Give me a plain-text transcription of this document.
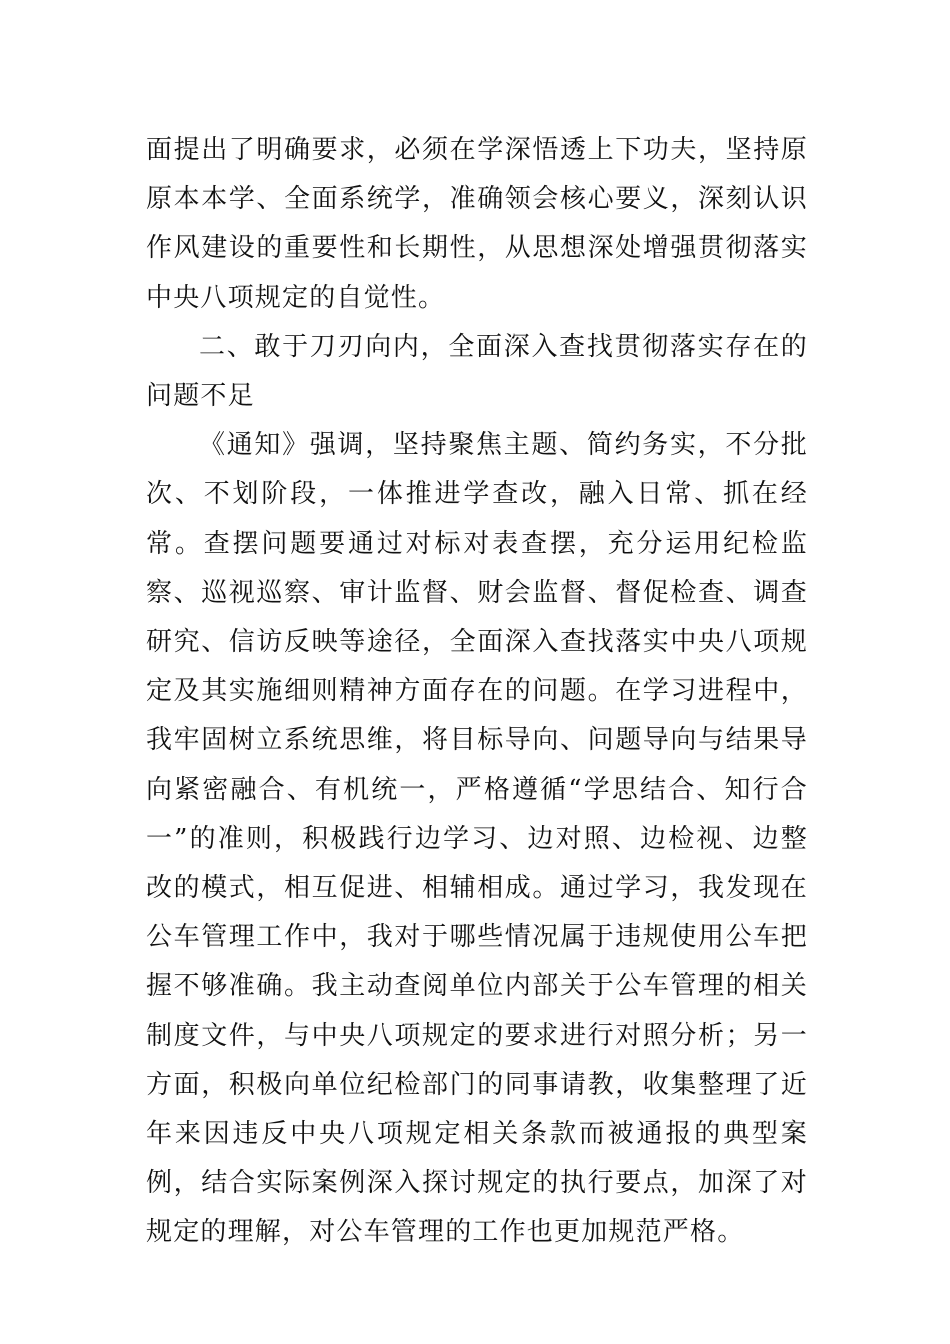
面提出了明确要求，必须在学深悟透上下功夫，坚持原原本本学、全面系统学，准确领会核心要义，深刻认识作风建设的重要性和长期性，从思想深处增强贯彻落实中央八项规定的自觉性。

二、敢于刀刃向内，全面深入查找贯彻落实存在的问题不足

《通知》强调，坚持聚焦主题、简约务实，不分批次、不划阶段，一体推进学查改，融入日常、抓在经常。查摆问题要通过对标对表查摆，充分运用纪检监察、巡视巡察、审计监督、财会监督、督促检查、调查研究、信访反映等途径，全面深入查找落实中央八项规定及其实施细则精神方面存在的问题。在学习进程中，我牢固树立系统思维，将目标导向、问题导向与结果导向紧密融合、有机统一，严格遵循“学思结合、知行合一”的准则，积极践行边学习、边对照、边检视、边整改的模式，相互促进、相辅相成。通过学习，我发现在公车管理工作中，我对于哪些情况属于违规使用公车把握不够准确。我主动查阅单位内部关于公车管理的相关制度文件，与中央八项规定的要求进行对照分析；另一方面，积极向单位纪检部门的同事请教，收集整理了近年来因违反中央八项规定相关条款而被通报的典型案例，结合实际案例深入探讨规定的执行要点，加深了对规定的理解，对公车管理的工作也更加规范严格。
